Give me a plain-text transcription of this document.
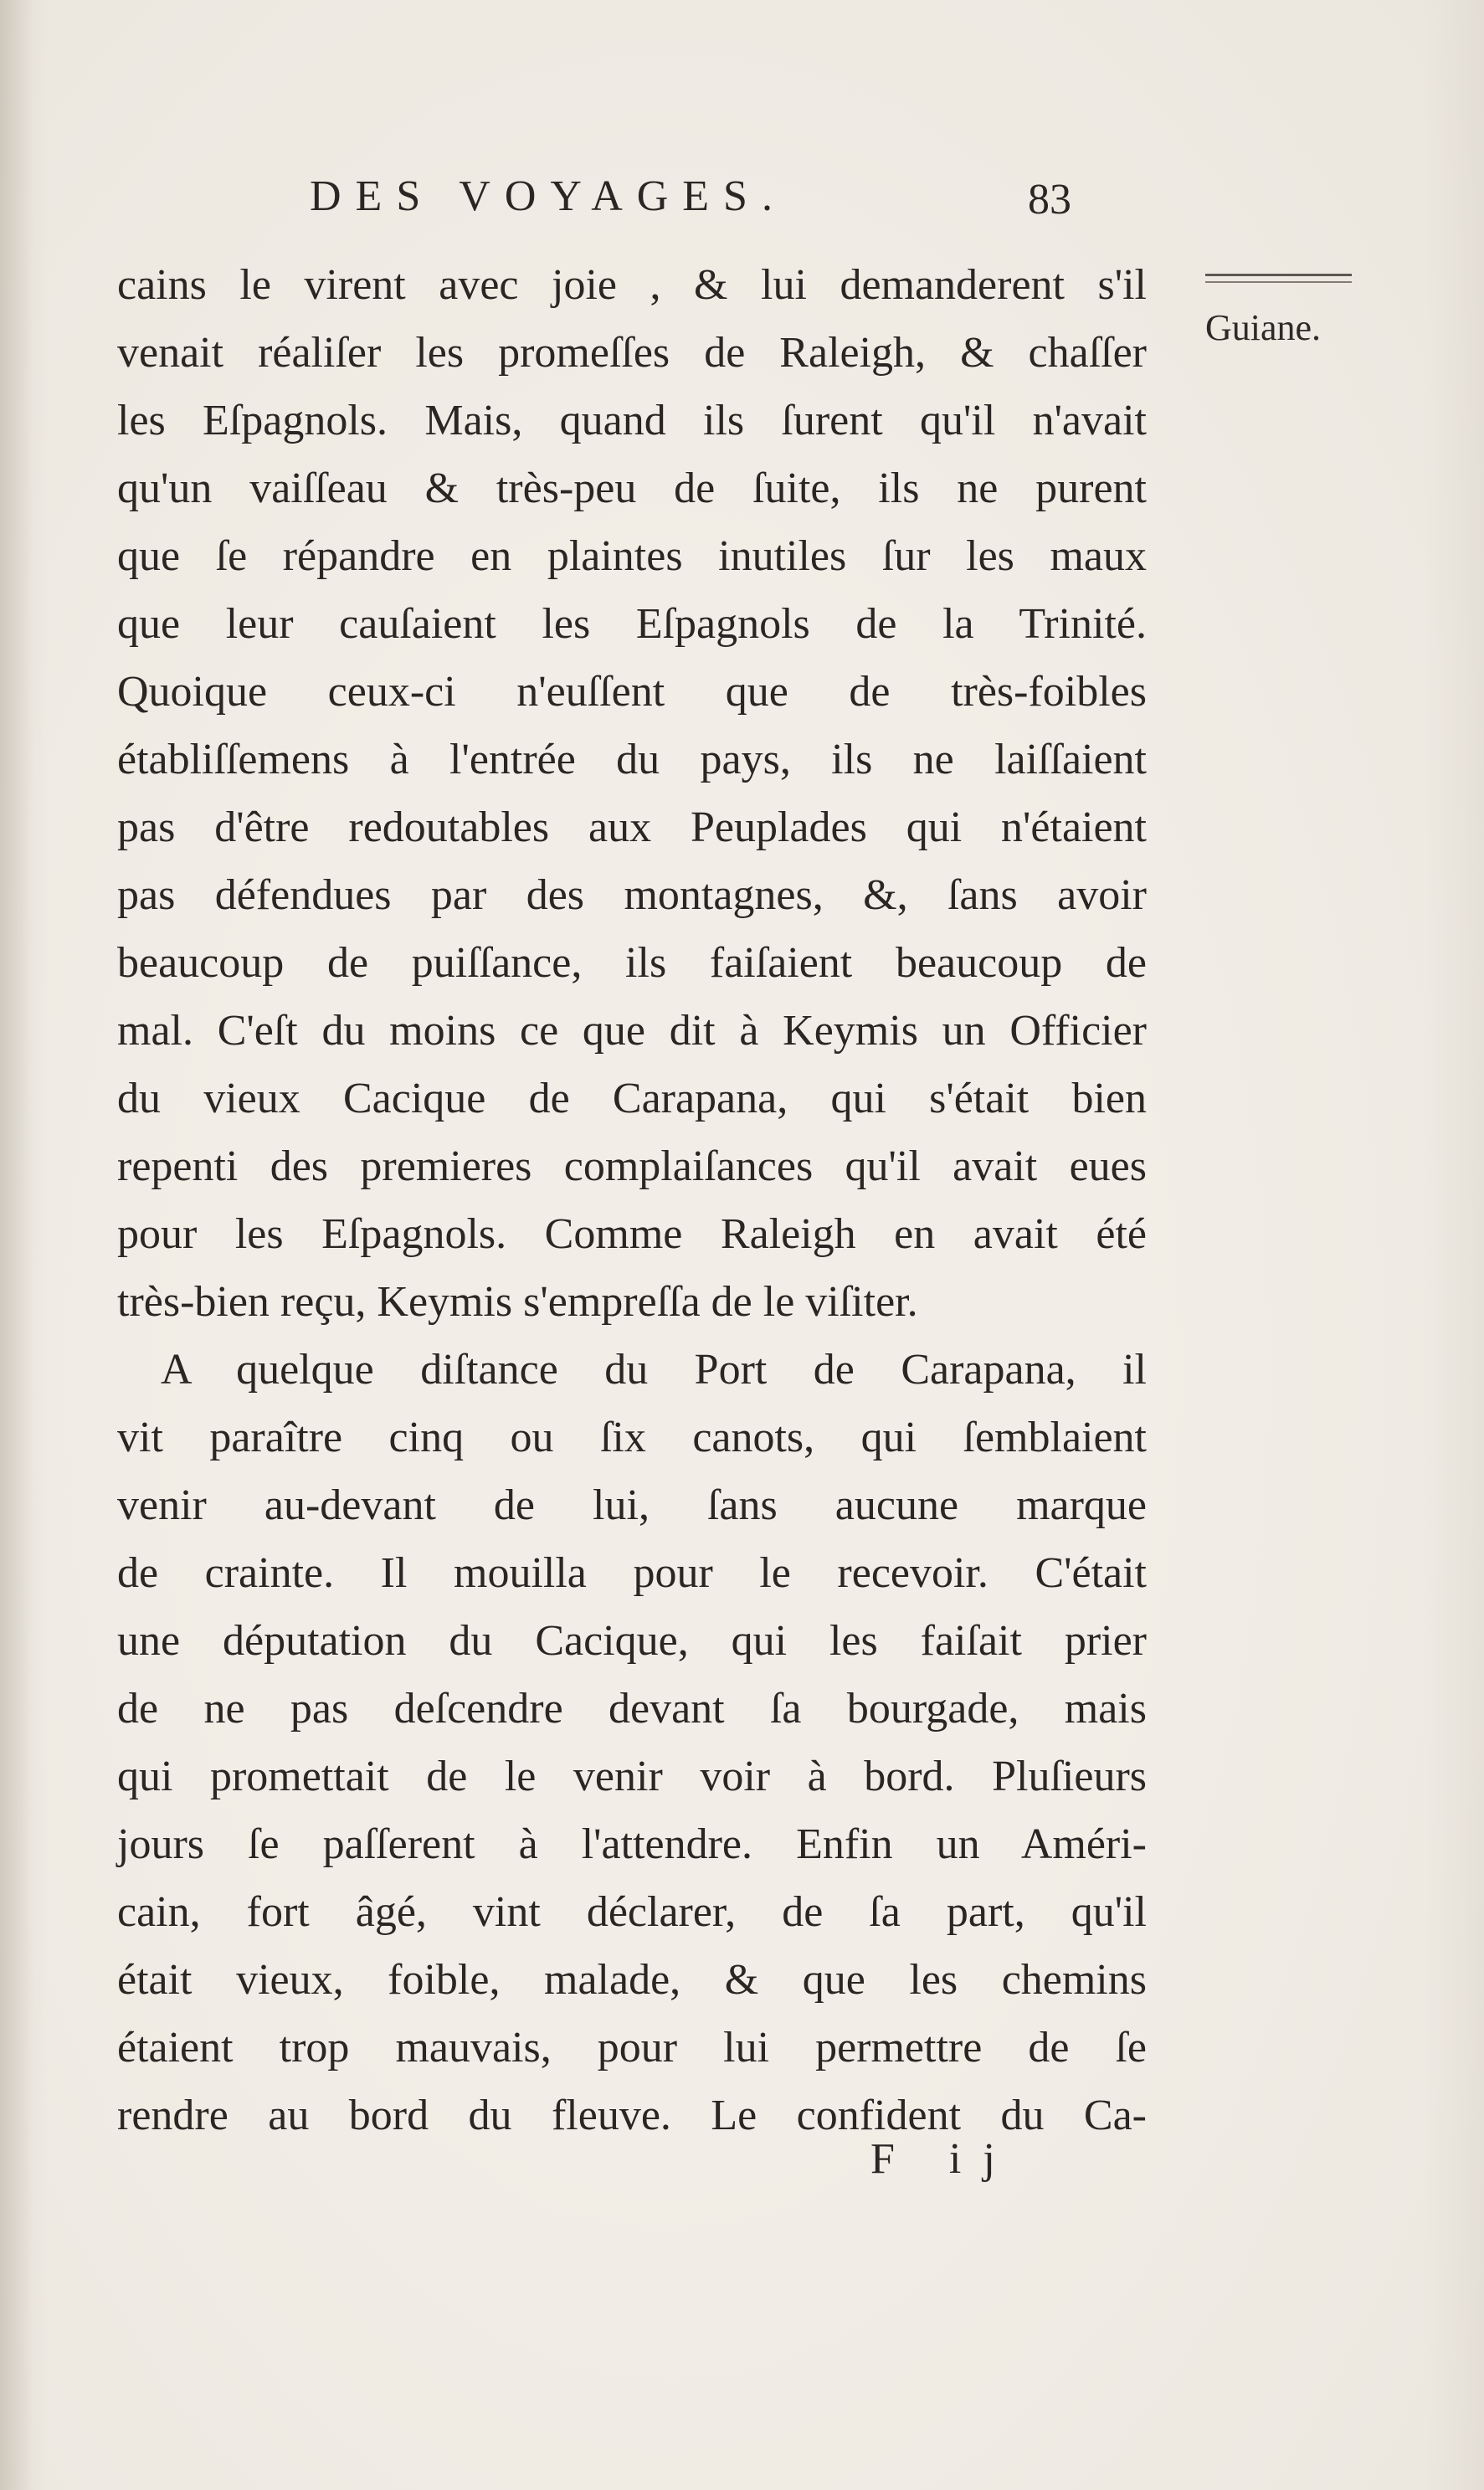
DES VOYAGES.	83
Guiane.
cains le virent avec joie , & lui demanderent s'il
venait réaliſer les promeſſes de Raleigh, & chaſſer
les Eſpagnols. Mais, quand ils ſurent qu'il n'avait
qu'un vaiſſeau & très-peu de ſuite, ils ne purent
que ſe répandre en plaintes inutiles ſur les maux
que leur cauſaient les Eſpagnols de la Trinité.
Quoique ceux-ci n'euſſent que de très-foibles
établiſſemens à l'entrée du pays, ils ne laiſſaient
pas d'être redoutables aux Peuplades qui n'étaient
pas défendues par des montagnes, &, ſans avoir
beaucoup de puiſſance, ils faiſaient beaucoup de
mal. C'eſt du moins ce que dit à Keymis un Officier
du vieux Cacique de Carapana, qui s'était bien
repenti des premieres complaiſances qu'il avait eues
pour les Eſpagnols. Comme Raleigh en avait été
très-bien reçu, Keymis s'empreſſa de le viſiter.
A quelque diſtance du Port de Carapana, il
vit paraître cinq ou ſix canots, qui ſemblaient
venir au-devant de lui, ſans aucune marque
de crainte. Il mouilla pour le recevoir. C'était
une députation du Cacique, qui les faiſait prier
de ne pas deſcendre devant ſa bourgade, mais
qui promettait de le venir voir à bord. Pluſieurs
jours ſe paſſerent à l'attendre. Enfin un Améri-
cain, fort âgé, vint déclarer, de ſa part, qu'il
était vieux, foible, malade, & que les chemins
étaient trop mauvais, pour lui permettre de ſe
rendre au bord du fleuve. Le confident du Ca-
F ij
